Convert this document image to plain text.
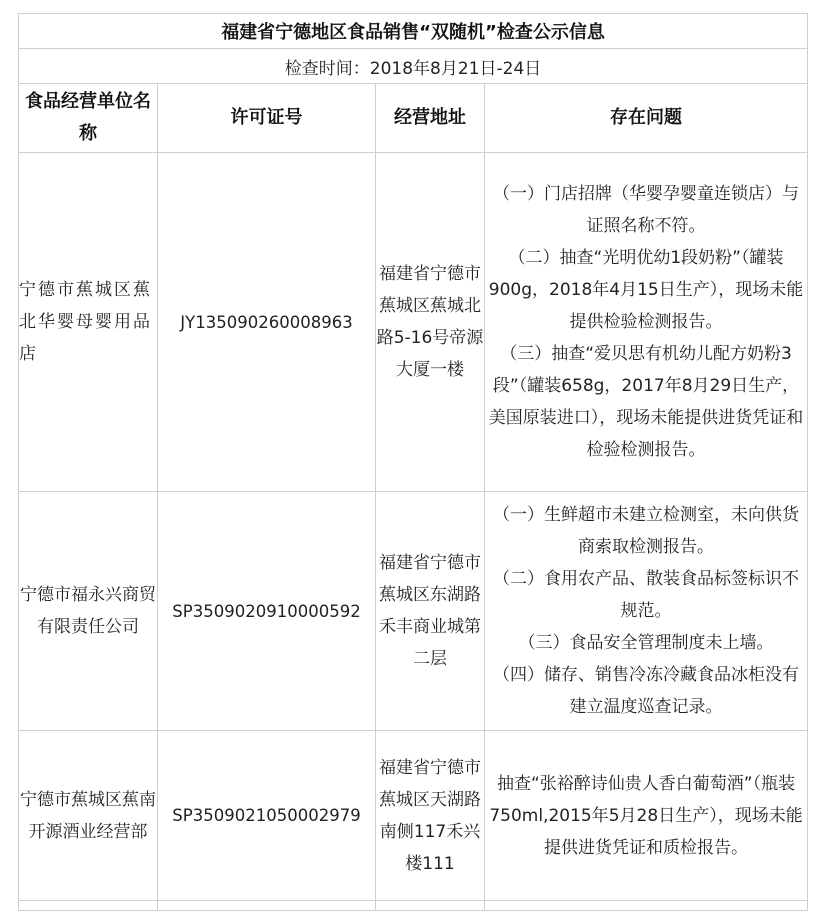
福建省宁德地区食品销售“双随机”检查公示信息			
检查时间：2018年8月21日-24日			
食品经营单位名称	许可证号	经营地址	存在问题
宁德市蕉城区蕉北华婴母婴用品店	JY135090260008963	福建省宁德市蕉城区蕉城北路5-16号帝源大厦一楼	（一）门店招牌（华婴孕婴童连锁店）与证照名称不符。
（二）抽查“光明优幼1段奶粉”（罐装900g，2018年4月15日生产），现场未能提供检验检测报告。
（三）抽查“爱贝思有机幼儿配方奶粉3段”（罐装658g，2017年8月29日生产，美国原装进口），现场未能提供进货凭证和检验检测报告。

宁德市福永兴商贸有限责任公司	SP3509020910000592	福建省宁德市蕉城区东湖路禾丰商业城第二层	（一）生鲜超市未建立检测室，未向供货商索取检测报告。
（二）食用农产品、散装食品标签标识不规范。
（三）食品安全管理制度未上墙。
（四）储存、销售冷冻冷藏食品冰柜没有建立温度巡查记录。

宁德市蕉城区蕉南开源酒业经营部	SP3509021050002979	福建省宁德市蕉城区天湖路南侧117禾兴楼111	抽查“张裕醉诗仙贵人香白葡萄酒”（瓶装750ml,2015年5月28日生产），现场未能提供进货凭证和质检报告。
